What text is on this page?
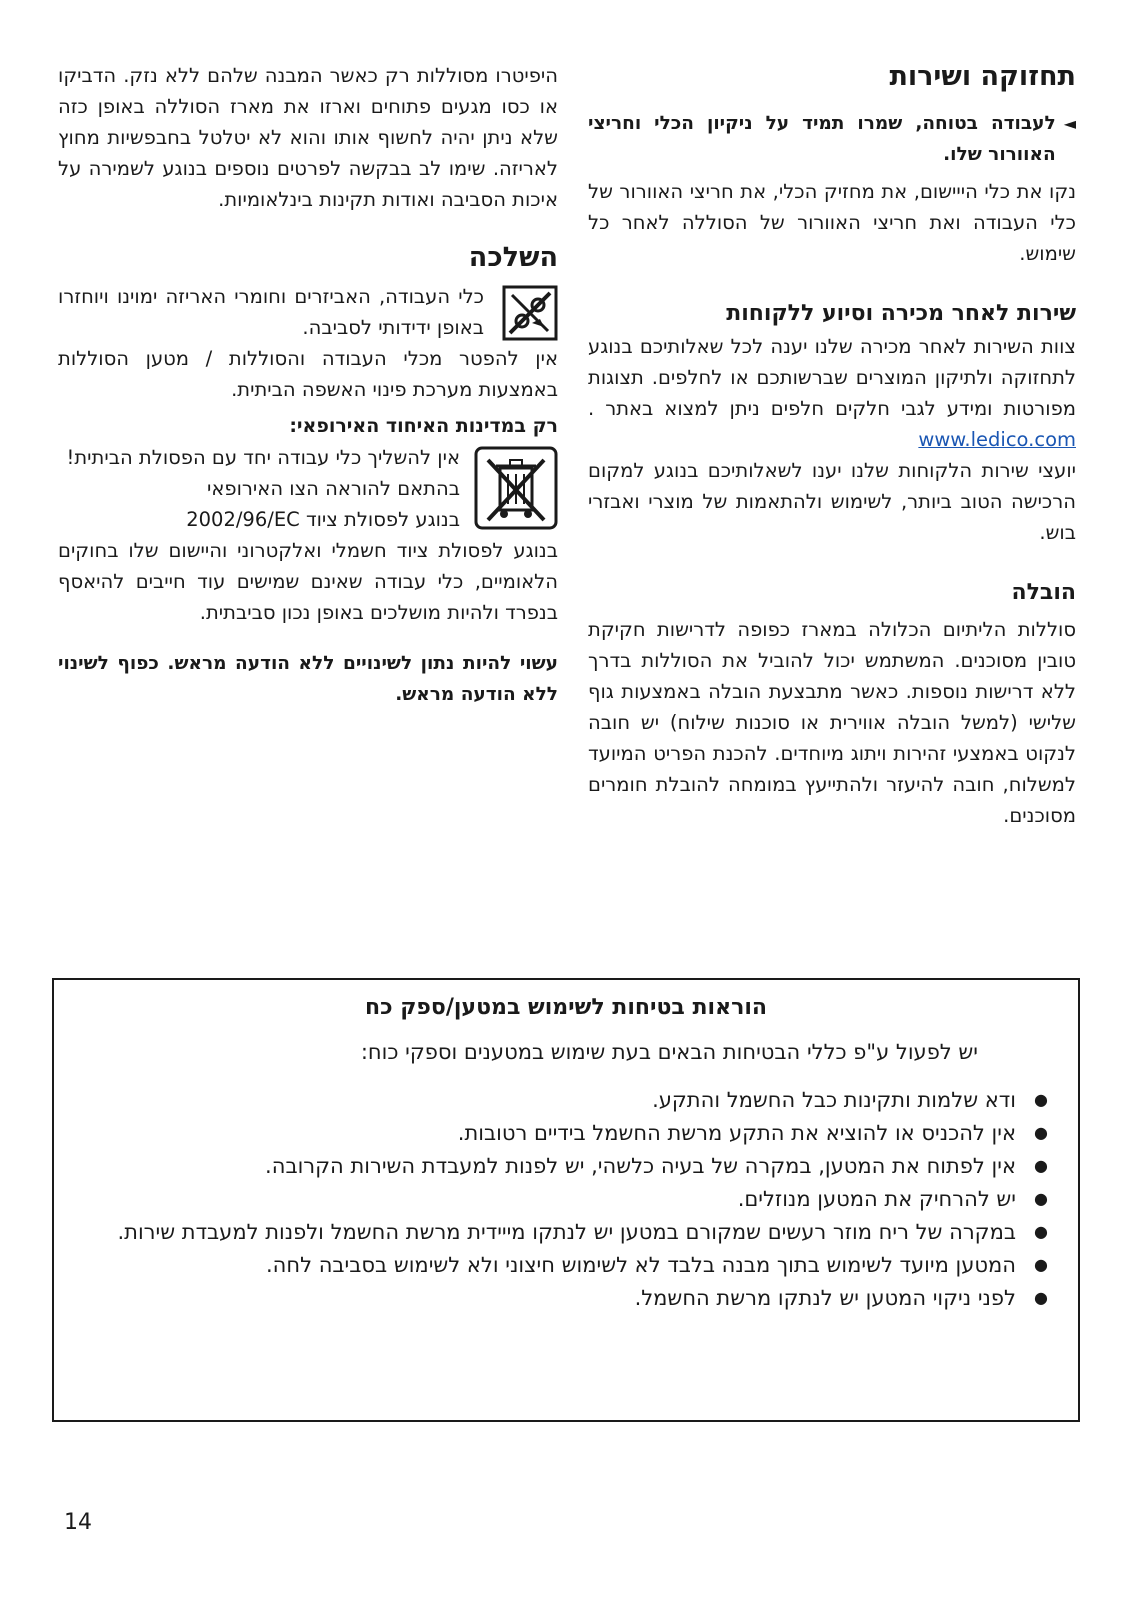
תחזוקה ושירות
◄

לעבודה בטוחה, שמרו תמיד על ניקיון הכלי וחריצי האוורור שלו.

נקו את כלי הייישום, את מחזיק הכלי, את חריצי האוורור של כלי העבודה ואת חריצי האוורור של הסוללה לאחר כל שימוש.

שירות לאחר מכירה וסיוע ללקוחות

צוות השירות לאחר מכירה שלנו יענה לכל שאלותיכם בנוגע לתחזוקה ולתיקון המוצרים שברשותכם או לחלפים. תצוגות מפורטות ומידע לגבי חלקים חלפים ניתן למצוא באתר .www.ledico.com

יועצי שירות הלקוחות שלנו יענו לשאלותיכם בנוגע למקום הרכישה הטוב ביותר, לשימוש ולהתאמות של מוצרי ואבזרי בוש.

הובלה

סוללות הליתיום הכלולה במארז כפופה לדרישות חקיקת טובין מסוכנים. המשתמש יכול להוביל את הסוללות בדרך ללא דרישות נוספות. כאשר מתבצעת הובלה באמצעות גוף שלישי (למשל הובלה אווירית או סוכנות שילוח) יש חובה לנקוט באמצעי זהירות ויתוג מיוחדים. להכנת הפריט המיועד למשלוח, חובה להיעזר ולהתייעץ במומחה להובלת חומרים מסוכנים.

היפיטרו מסוללות רק כאשר המבנה שלהם ללא נזק. הדביקו או כסו מגעים פתוחים וארזו את מארז הסוללה באופן כזה שלא ניתן יהיה לחשוף אותו והוא לא יטלטל בחבפשיות מחוץ לאריזה. שימו לב בבקשה לפרטים נוספים בנוגע לשמירה על איכות הסביבה ואודות תקינות בינלאומיות.

השלכה

כלי העבודה, האביזרים וחומרי האריזה ימוינו ויוחזרו באופן ידידותי לסביבה.

אין להפטר מכלי העבודה והסוללות / מטען הסוללות באמצעות מערכת פינוי האשפה הביתית.

רק במדינות האיחוד האירופאי:

אין להשליך כלי עבודה יחד עם הפסולת הביתית!

בהתאם להוראה הצו האירופאי

בנוגע לפסולת ציוד 2002/96/EC

בנוגע לפסולת ציוד חשמלי ואלקטרוני והיישום שלו בחוקים הלאומיים, כלי עבודה שאינם שמישים עוד חייבים להיאסף בנפרד ולהיות מושלכים באופן נכון סביבתית.

עשוי להיות נתון לשינויים ללא הודעה מראש. כפוף לשינוי ללא הודעה מראש.

הוראות בטיחות לשימוש במטען/ספק כח

יש לפעול ע"פ כללי הבטיחות הבאים בעת שימוש במטענים וספקי כוח:

●
ודא שלמות ותקינות כבל החשמל והתקע.
●
אין להכניס או להוציא את התקע מרשת החשמל בידיים רטובות.
●
אין לפתוח את המטען, במקרה של בעיה כלשהי, יש לפנות למעבדת השירות הקרובה.
●
יש להרחיק את המטען מנוזלים.
●
במקרה של ריח מוזר רעשים שמקורם במטען יש לנתקו מייידית מרשת החשמל ולפנות למעבדת שירות.
●
המטען מיועד לשימוש בתוך מבנה בלבד לא לשימוש חיצוני ולא לשימוש בסביבה לחה.
●
לפני ניקוי המטען יש לנתקו מרשת החשמל.
14
